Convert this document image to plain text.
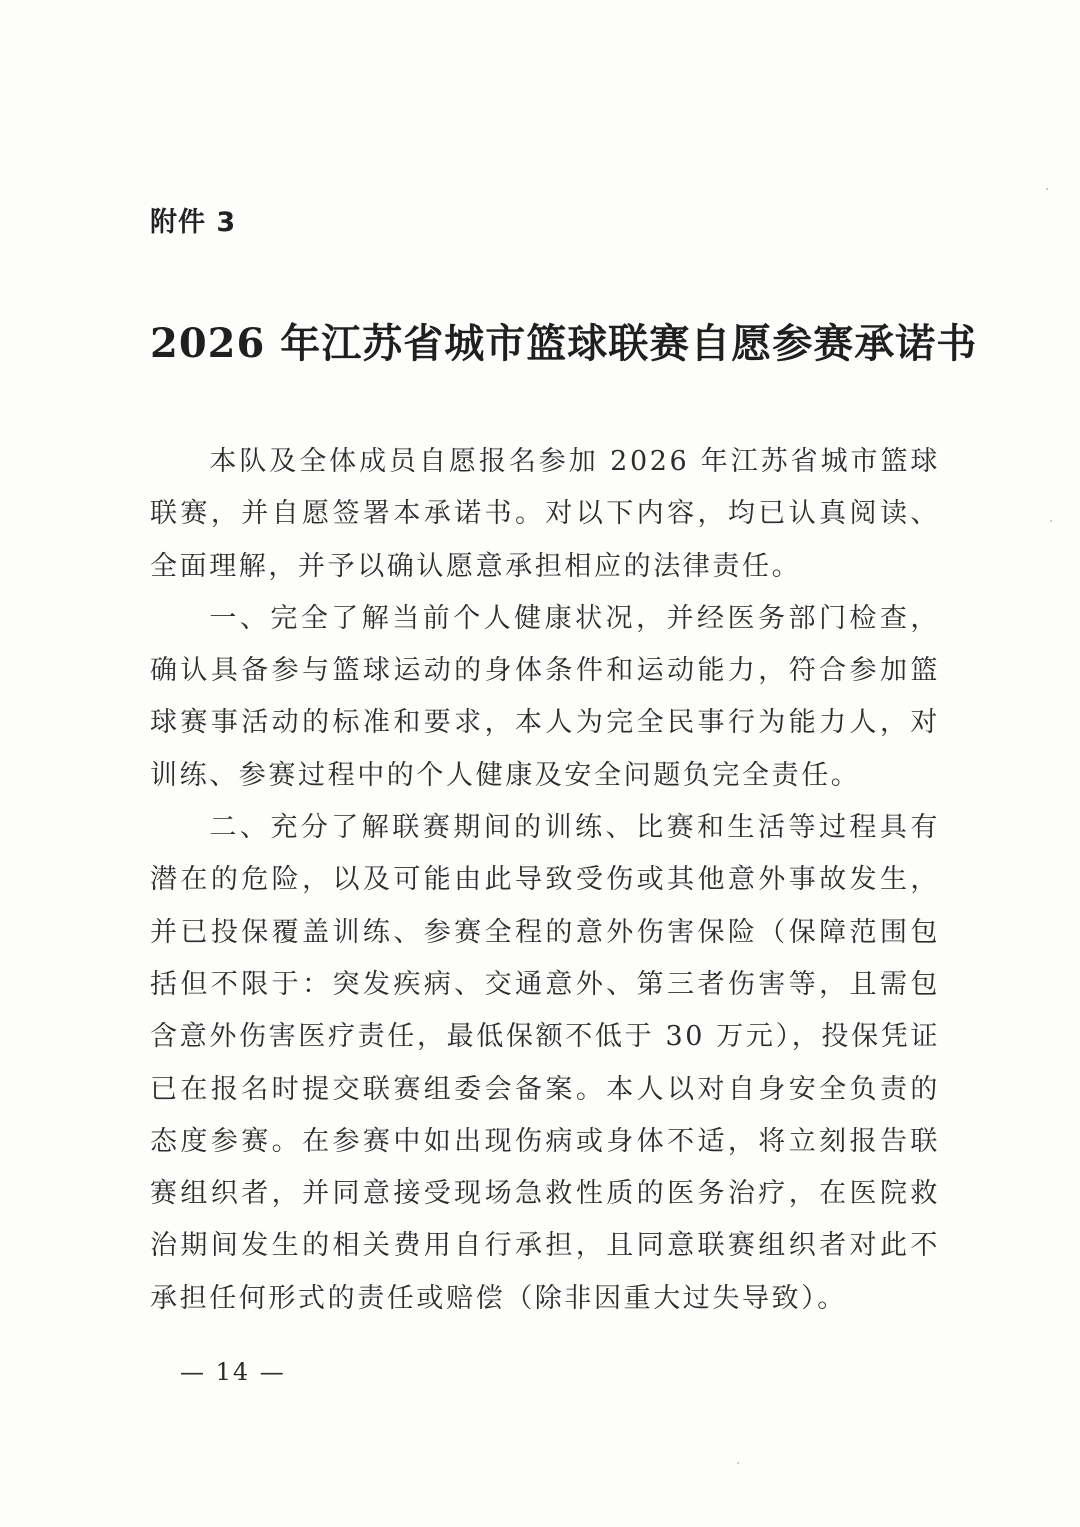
附件 3
2026 年江苏省城市篮球联赛自愿参赛承诺书

本队及全体成员自愿报名参加 2026 年江苏省城市篮球联赛，并自愿签署本承诺书。对以下内容，均已认真阅读、全面理解，并予以确认愿意承担相应的法律责任。

一、完全了解当前个人健康状况，并经医务部门检查，确认具备参与篮球运动的身体条件和运动能力，符合参加篮球赛事活动的标准和要求，本人为完全民事行为能力人，对训练、参赛过程中的个人健康及安全问题负完全责任。

二、充分了解联赛期间的训练、比赛和生活等过程具有潜在的危险，以及可能由此导致受伤或其他意外事故发生，并已投保覆盖训练、参赛全程的意外伤害保险（保障范围包括但不限于：突发疾病、交通意外、第三者伤害等，且需包含意外伤害医疗责任，最低保额不低于 30 万元），投保凭证已在报名时提交联赛组委会备案。本人以对自身安全负责的态度参赛。在参赛中如出现伤病或身体不适，将立刻报告联赛组织者，并同意接受现场急救性质的医务治疗，在医院救治期间发生的相关费用自行承担，且同意联赛组织者对此不承担任何形式的责任或赔偿（除非因重大过失导致）。

— 14 —
